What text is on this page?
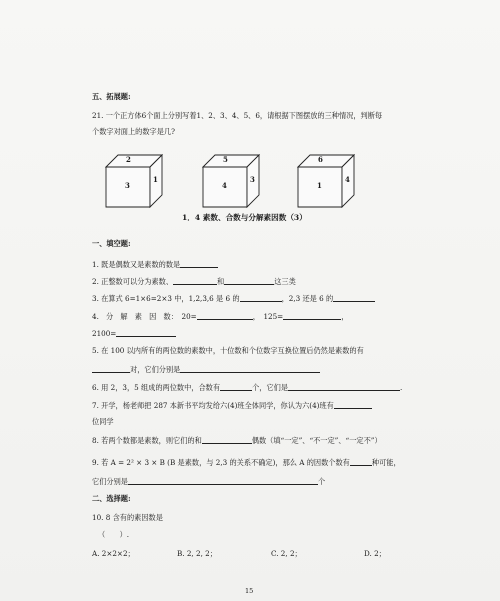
五、拓展题:
21. 一个正方体6个面上分别写着1、2、3、4、5、6，请根据下图摆放的三种情况，判断每
个数字对面上的数字是几?
2
3
1
5
4
3
6
1
4
1．4 素数、合数与分解素因数（3）
一、填空题:
1. 既是偶数又是素数的数是
2. 正整数可以分为素数、	和	这三类
3. 在算式 6=1×6=2×3 中，1,2,3,6 是 6 的	，2,3 还是 6 的
4.　分　解　素　因　数：　20=	，　125=	，
2100=
5. 在 100 以内所有的两位数的素数中，十位数和个位数字互换位置后仍然是素数的有
对，它们分别是
6. 用 2，3，5 组成的两位数中，合数有	个，它们是	.
7. 开学，杨老师把 287 本新书平均发给六(4)班全体同学，你认为六(4)班有
位同学
8. 若两个数都是素数，则它们的和	偶数（填“一定”、“不一定”、“一定不”）
9. 若 A = 2² × 3 × B (B 是素数，与 2,3 的关系不确定)，那么 A 的因数个数有	种可能，
它们分别是	个
二、选择题:
10. 8 含有的素因数是
（　　）.
A. 2×2×2；	B. 2, 2, 2；	C. 2, 2；	D. 2；
15
